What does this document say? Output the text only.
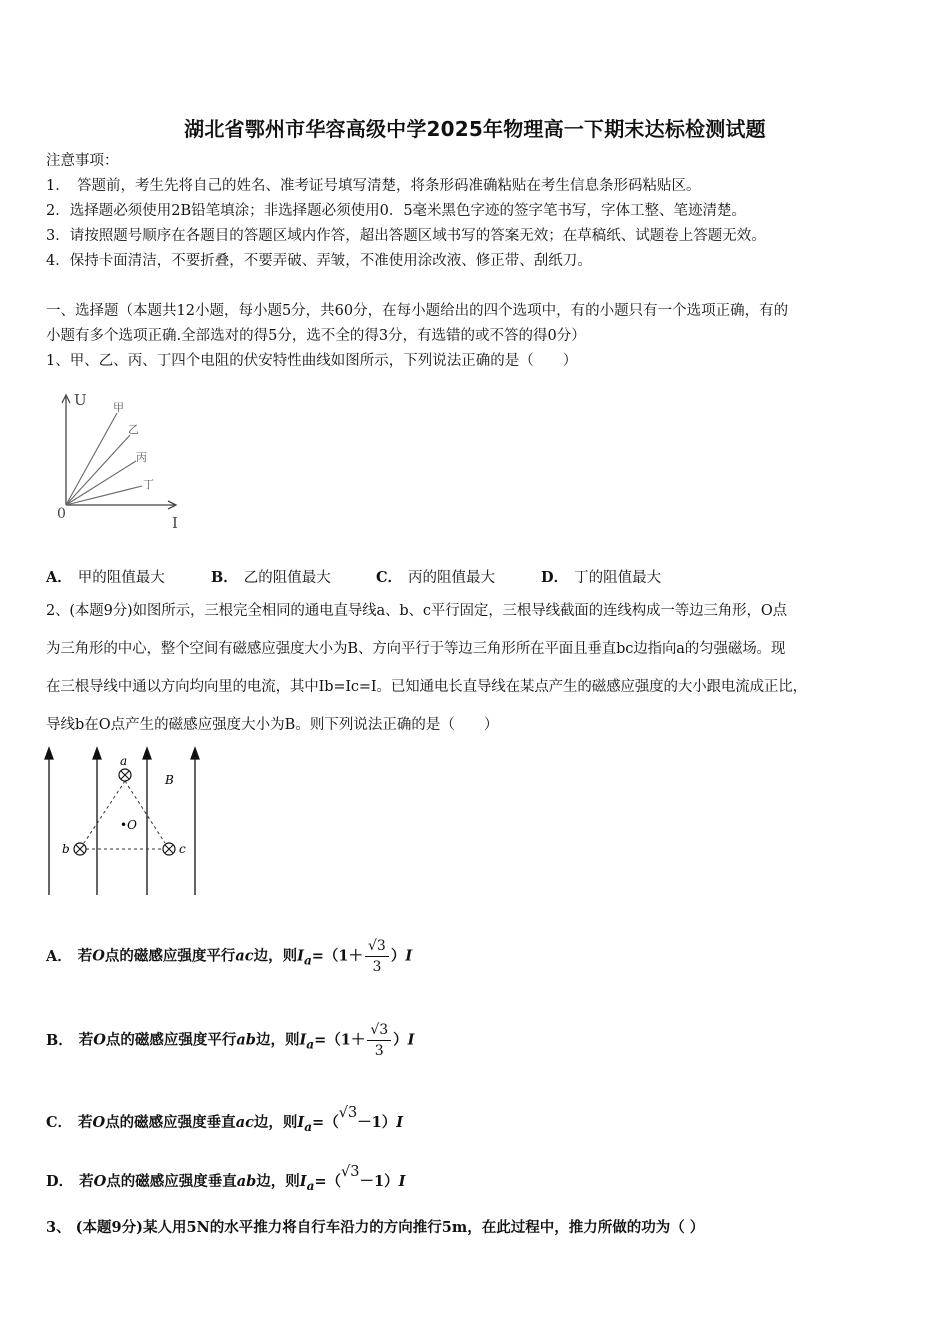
湖北省鄂州市华容高级中学2025年物理高一下期末达标检测试题
注意事项：
1．　答题前，考生先将自己的姓名、准考证号填写清楚，将条形码准确粘贴在考生信息条形码粘贴区。
2．选择题必须使用2B铅笔填涂；非选择题必须使用0．5毫米黑色字迹的签字笔书写，字体工整、笔迹清楚。
3．请按照题号顺序在各题目的答题区域内作答，超出答题区域书写的答案无效；在草稿纸、试题卷上答题无效。
4．保持卡面清洁，不要折叠，不要弄破、弄皱，不准使用涂改液、修正带、刮纸刀。
一、选择题（本题共12小题，每小题5分，共60分，在每小题给出的四个选项中，有的小题只有一个选项正确，有的
小题有多个选项正确.全部选对的得5分，选不全的得3分，有选错的或不答的得0分）
1、甲、乙、丙、丁四个电阻的伏安特性曲线如图所示，下列说法正确的是（　　）
U
I
0
甲
乙
丙
丁
A． 甲的阻值最大	B． 乙的阻值最大	C． 丙的阻值最大	D． 丁的阻值最大
2、(本题9分)如图所示，三根完全相同的通电直导线a、b、c平行固定，三根导线截面的连线构成一等边三角形，O点
为三角形的中心，整个空间有磁感应强度大小为B、方向平行于等边三角形所在平面且垂直bc边指向a的匀强磁场。现
在三根导线中通以方向均向里的电流，其中Ib=Ic=I。已知通电长直导线在某点产生的磁感应强度的大小跟电流成正比，
导线b在O点产生的磁感应强度大小为B。则下列说法正确的是（　　）
a
b	c
•O
B
A． 若O点的磁感应强度平行ac边，则$I_a=(1+ \frac{√3}{3} )I$
B． 若O点的磁感应强度平行ab边，则$I_a=(1+ \frac{√3}{3} )I$
C． 若O点的磁感应强度垂直ac边，则$I_a=(√3-1)I$
D． 若O点的磁感应强度垂直ab边，则$I_a=(√3-1)I$
3、 (本题9分)某人用5N的水平推力将自行车沿力的方向推行5m，在此过程中，推力所做的功为（ ）
